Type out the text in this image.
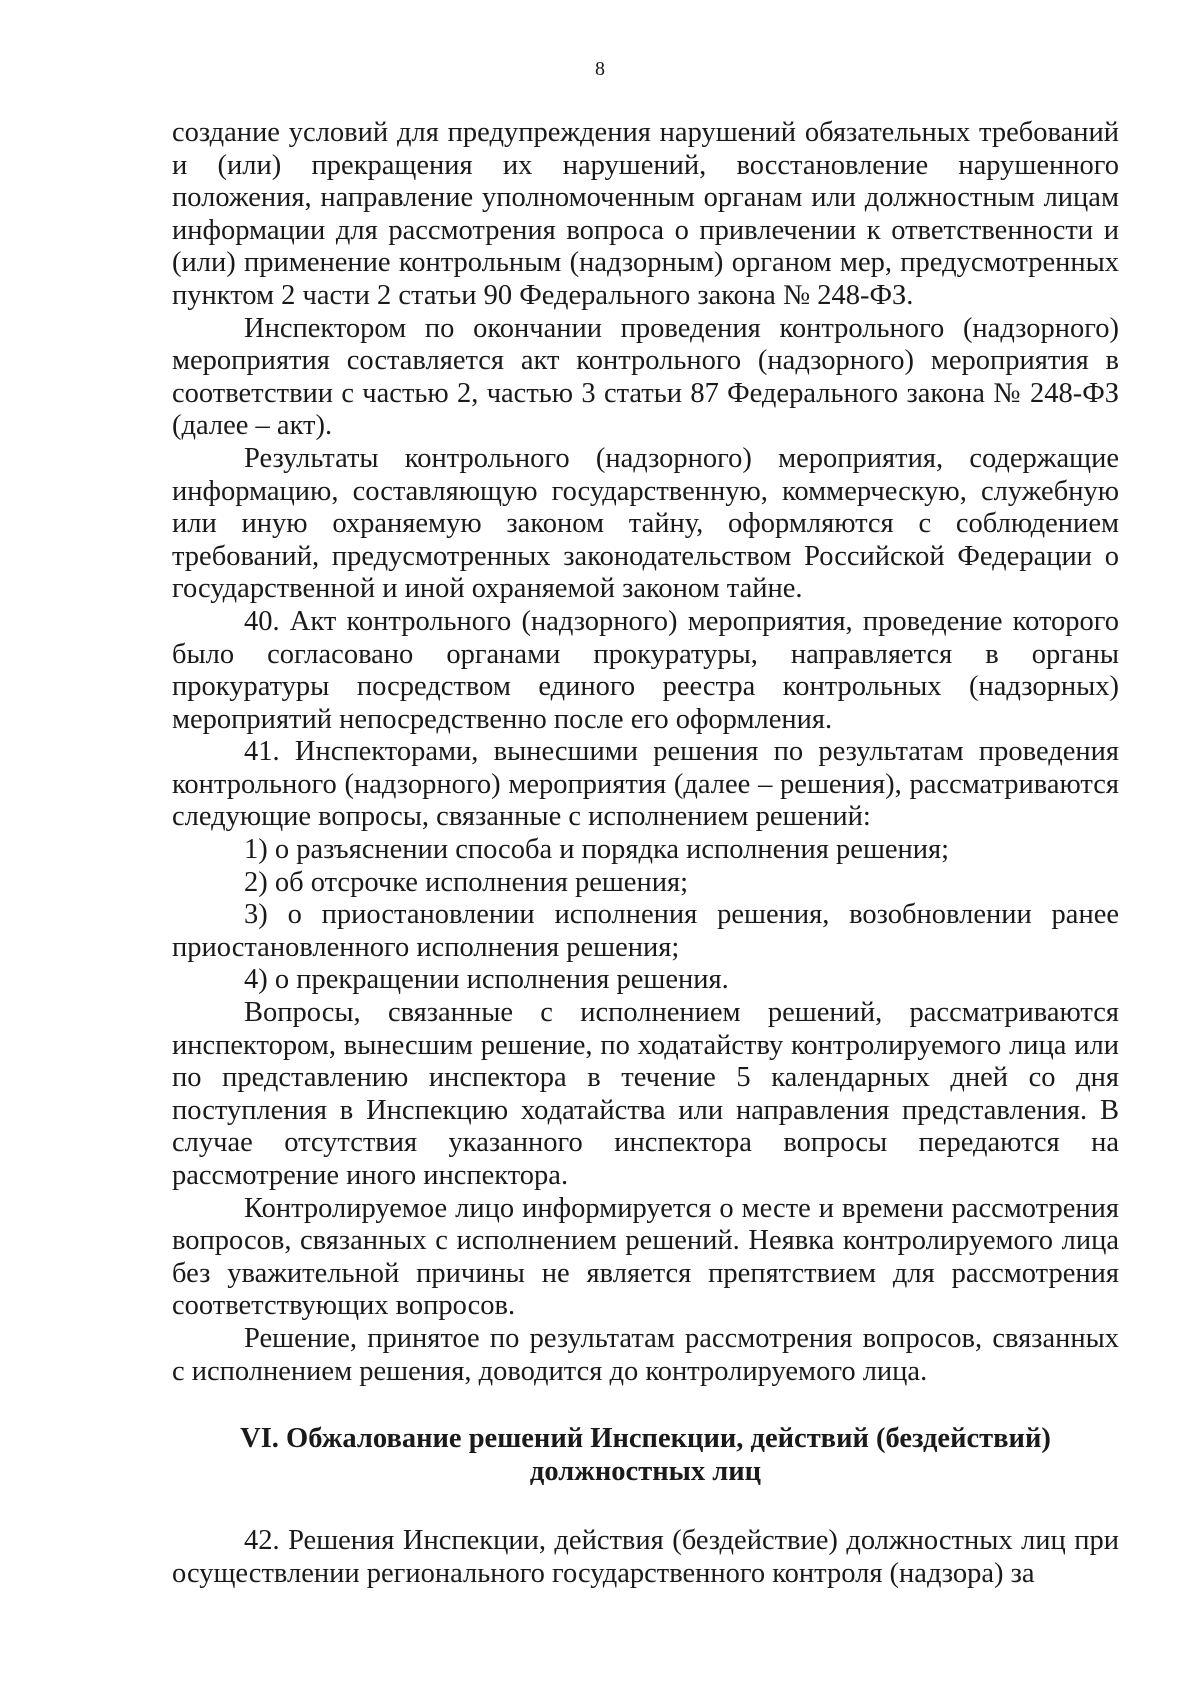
8

создание условий для предупреждения нарушений обязательных требований и (или) прекращения их нарушений, восстановление нарушенного положения, направление уполномоченным органам или должностным лицам информации для рассмотрения вопроса о привлечении к ответственности и (или) применение контрольным (надзорным) органом мер, предусмотренных пунктом 2 части 2 статьи 90 Федерального закона № 248-ФЗ.

Инспектором по окончании проведения контрольного (надзорного) мероприятия составляется акт контрольного (надзорного) мероприятия в соответствии с частью 2, частью 3 статьи 87 Федерального закона № 248-ФЗ (далее – акт).

Результаты контрольного (надзорного) мероприятия, содержащие информацию, составляющую государственную, коммерческую, служебную или иную охраняемую законом тайну, оформляются с соблюдением требований, предусмотренных законодательством Российской Федерации о государственной и иной охраняемой законом тайне.

40. Акт контрольного (надзорного) мероприятия, проведение которого было согласовано органами прокуратуры, направляется в органы прокуратуры посредством единого реестра контрольных (надзорных) мероприятий непосредственно после его оформления.

41. Инспекторами, вынесшими решения по результатам проведения контрольного (надзорного) мероприятия (далее – решения), рассматриваются следующие вопросы, связанные с исполнением решений:

1) о разъяснении способа и порядка исполнения решения;

2) об отсрочке исполнения решения;

3) о приостановлении исполнения решения, возобновлении ранее приостановленного исполнения решения;

4) о прекращении исполнения решения.

Вопросы, связанные с исполнением решений, рассматриваются инспектором, вынесшим решение, по ходатайству контролируемого лица или по представлению инспектора в течение 5 календарных дней со дня поступления в Инспекцию ходатайства или направления представления. В случае отсутствия указанного инспектора вопросы передаются на рассмотрение иного инспектора.

Контролируемое лицо информируется о месте и времени рассмотрения вопросов, связанных с исполнением решений. Неявка контролируемого лица без уважительной причины не является препятствием для рассмотрения соответствующих вопросов.

Решение, принятое по результатам рассмотрения вопросов, связанных с исполнением решения, доводится до контролируемого лица.

VI. Обжалование решений Инспекции, действий (бездействий)
должностных лиц

42. Решения Инспекции, действия (бездействие) должностных лиц при осуществлении регионального государственного контроля (надзора) за
